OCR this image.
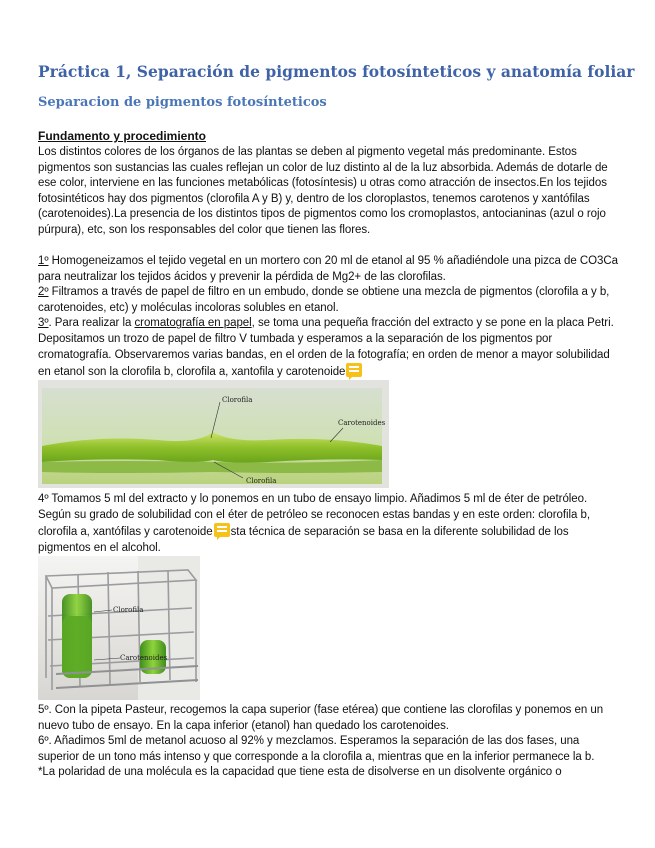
Práctica 1, Separación de pigmentos fotosínteticos y anatomía foliar
Separacion de pigmentos fotosínteticos
Fundamento y procedimiento
Los distintos colores de los órganos de las plantas se deben al pigmento vegetal más predominante. Estos pigmentos son sustancias las cuales reflejan un color de luz distinto al de la luz absorbida. Además de dotarle de ese color, interviene en las funciones metabólicas (fotosíntesis) u otras como atracción de insectos.En los tejidos fotosintéticos hay dos pigmentos (clorofila A y B) y, dentro de los cloroplastos, tenemos carotenos y xantófilas (carotenoides).La presencia de los distintos tipos de pigmentos como los cromoplastos, antocianinas (azul o rojo púrpura), etc, son los responsables del color que tienen las flores.
1º Homogeneizamos el tejido vegetal en un mortero con 20 ml de etanol al 95 % añadiéndole una pizca de CO3Ca para neutralizar los tejidos ácidos y prevenir la pérdida de Mg2+ de las clorofilas.
2º Filtramos a través de papel de filtro en un embudo, donde se obtiene una mezcla de pigmentos (clorofila a y b, carotenoides, etc) y moléculas incoloras solubles en etanol.
3º. Para realizar la cromatografía en papel, se toma una pequeña fracción del extracto y se pone en la placa Petri. Depositamos un trozo de papel de filtro V tumbada y esperamos a la separación de los pigmentos por cromatografía. Observaremos varias bandas, en el orden de la fotografía; en orden de menor a mayor solubilidad en etanol son la clorofila b, clorofila a, xantofila y carotenoide
Clorofila
Carotenoides
Clorofila
4º Tomamos 5 ml del extracto y lo ponemos en un tubo de ensayo limpio. Añadimos 5 ml de éter de petróleo. Según su grado de solubilidad con el éter de petróleo se reconocen estas bandas y en este orden: clorofila b, clorofila a, xantófilas y carotenoide sta técnica de separación se basa en la diferente solubilidad de los pigmentos en el alcohol.
Clorofila
Carotenoides
5º. Con la pipeta Pasteur, recogemos la capa superior (fase etérea) que contiene las clorofilas y ponemos en un nuevo tubo de ensayo. En la capa inferior (etanol) han quedado los carotenoides.
6º. Añadimos 5ml de metanol acuoso al 92% y mezclamos. Esperamos la separación de las dos fases, una superior de un tono más intenso y que corresponde a la clorofila a, mientras que en la inferior permanece la b.
*La polaridad de una molécula es la capacidad que tiene esta de disolverse en un disolvente orgánico o
